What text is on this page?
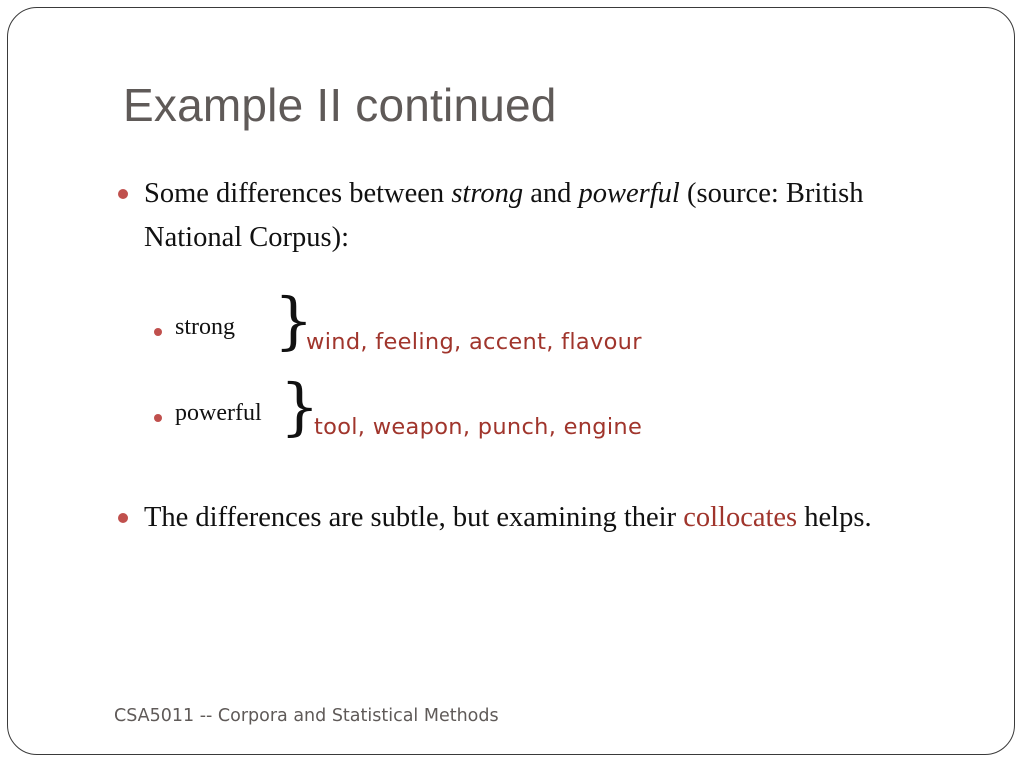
Example II continued
Some differences between strong and powerful (source: British National Corpus):
strong }
wind, feeling, accent, flavour
powerful }
tool, weapon, punch, engine
The differences are subtle, but examining their collocates helps.
CSA5011 -- Corpora and Statistical Methods
